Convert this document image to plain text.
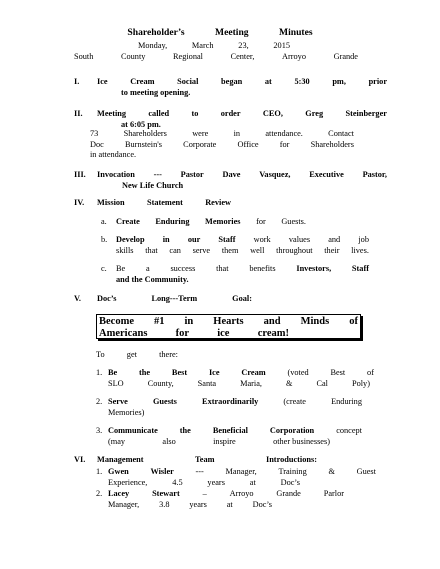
Shareholder’s	Meeting	Minutes
Monday,	March	23,	2015
South	County	Regional	Center,	Arroyo	Grande
I. Ice	Cream	Social	began	at	5:30	pm,	prior
to meeting opening.
II. Meeting	called	to	order	CEO,	Greg	Steinberger
at 6:05 pm.
73	Shareholders	were	in	attendance.	Contact
Doc	Burnstein's	Corporate	Office	for	Shareholders
in attendance.
III. Invocation --- Pastor Dave Vasquez, Executive Pastor,
New Life Church
IV. Mission	Statement	Review
a. Create Enduring Memories for Guests.
b. Develop in our Staff work values and job
skills that can serve them well throughout their lives.
c. Be	a	success	that	benefits	Investors,	Staff
and the Community.
V. Doc’s	Long---Term	Goal:
Become #1 in Hearts and Minds of
Americans	for	ice	cream!
To	get	there:
1. Be	the	Best	Ice	Cream	(voted	Best	of
SLO	County,	Santa	Maria,	&	Cal	Poly)
2. Serve	Guests	Extraordinarily	(create	Enduring
Memories)
3. Communicate	the	Beneficial	Corporation	concept
(may	also	inspire	other businesses)
VI. Management	Team	Introductions:
1. Gwen	Wisler	---	Manager,	Training	&	Guest
Experience,	4.5	years	at	Doc’s
2. Lacey	Stewart	–	Arroyo	Grande	Parlor
Manager, 3.8 years at Doc’s
